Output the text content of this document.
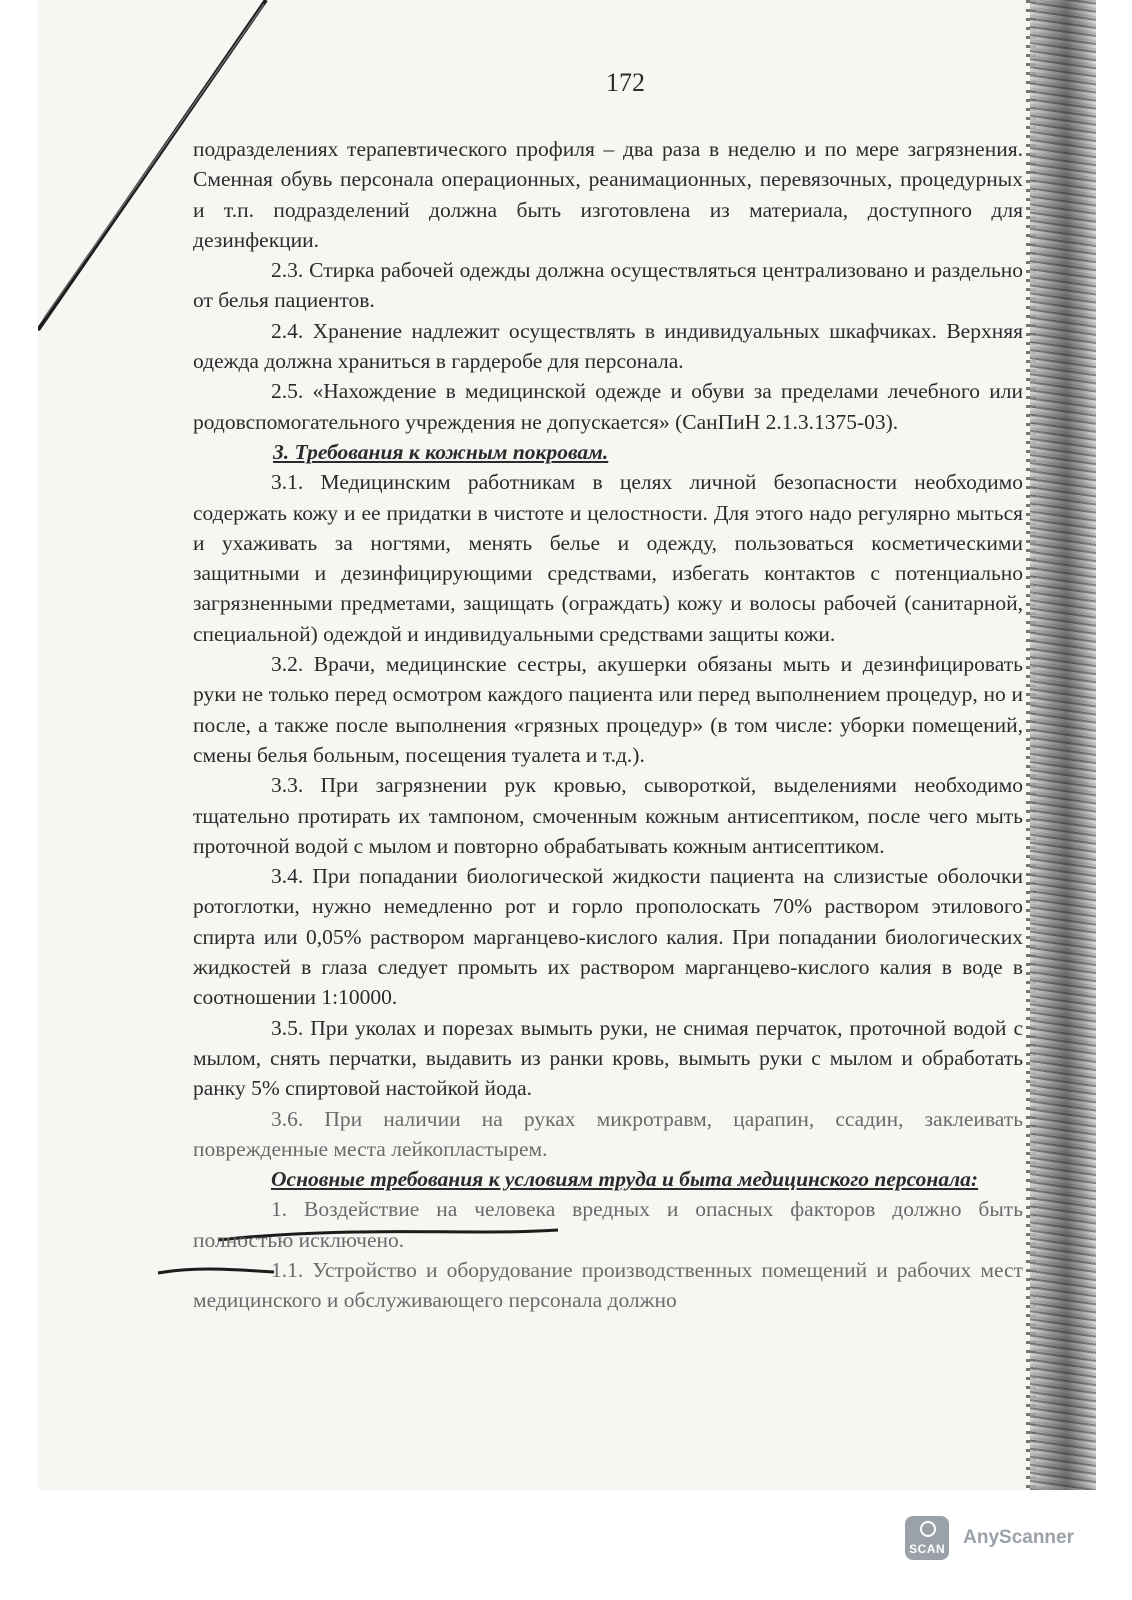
172

подразделениях терапевтического профиля – два раза в неделю и по мере загрязнения. Сменная обувь персонала операционных, реанимационных, перевязочных, процедурных и т.п. подразделений должна быть изготовлена из материала, доступного для дезинфекции.

2.3. Стирка рабочей одежды должна осуществляться централизовано и раздельно от белья пациентов.

2.4. Хранение надлежит осуществлять в индивидуальных шкафчиках. Верхняя одежда должна храниться в гардеробе для персонала.

2.5. «Нахождение в медицинской одежде и обуви за пределами лечебного или родовспомогательного учреждения не допускается» (СанПиН 2.1.3.1375-03).

3. Требования к кожным покровам.

3.1. Медицинским работникам в целях личной безопасности необходимо содержать кожу и ее придатки в чистоте и целостности. Для этого надо регулярно мыться и ухаживать за ногтями, менять белье и одежду, пользоваться косметическими защитными и дезинфицирующими средствами, избегать контактов с потенциально загрязненными предметами, защищать (ограждать) кожу и волосы рабочей (санитарной, специальной) одеждой и индивидуальными средствами защиты кожи.

3.2. Врачи, медицинские сестры, акушерки обязаны мыть и дезинфицировать руки не только перед осмотром каждого пациента или перед выполнением процедур, но и после, а также после выполнения «грязных процедур» (в том числе: уборки помещений, смены белья больным, посещения туалета и т.д.).

3.3. При загрязнении рук кровью, сывороткой, выделениями необходимо тщательно протирать их тампоном, смоченным кожным антисептиком, после чего мыть проточной водой с мылом и повторно обрабатывать кожным антисептиком.

3.4. При попадании биологической жидкости пациента на слизистые оболочки ротоглотки, нужно немедленно рот и горло прополоскать 70% раствором этилового спирта или 0,05% раствором марганцево-кислого калия. При попадании биологических жидкостей в глаза следует промыть их раствором марганцево-кислого калия в воде в соотношении 1:10000.

3.5. При уколах и порезах вымыть руки, не снимая перчаток, проточной водой с мылом, снять перчатки, выдавить из ранки кровь, вымыть руки с мылом и обработать ранку 5% спиртовой настойкой йода.

3.6. При наличии на руках микротравм, царапин, ссадин, заклеивать поврежденные места лейкопластырем.

Основные требования к условиям труда и быта медицинского персонала:

1. Воздействие на человека вредных и опасных факторов должно быть полностью исключено.

1.1. Устройство и оборудование производственных помещений и рабочих мест медицинского и обслуживающего персонала должно

SCAN
AnyScanner
